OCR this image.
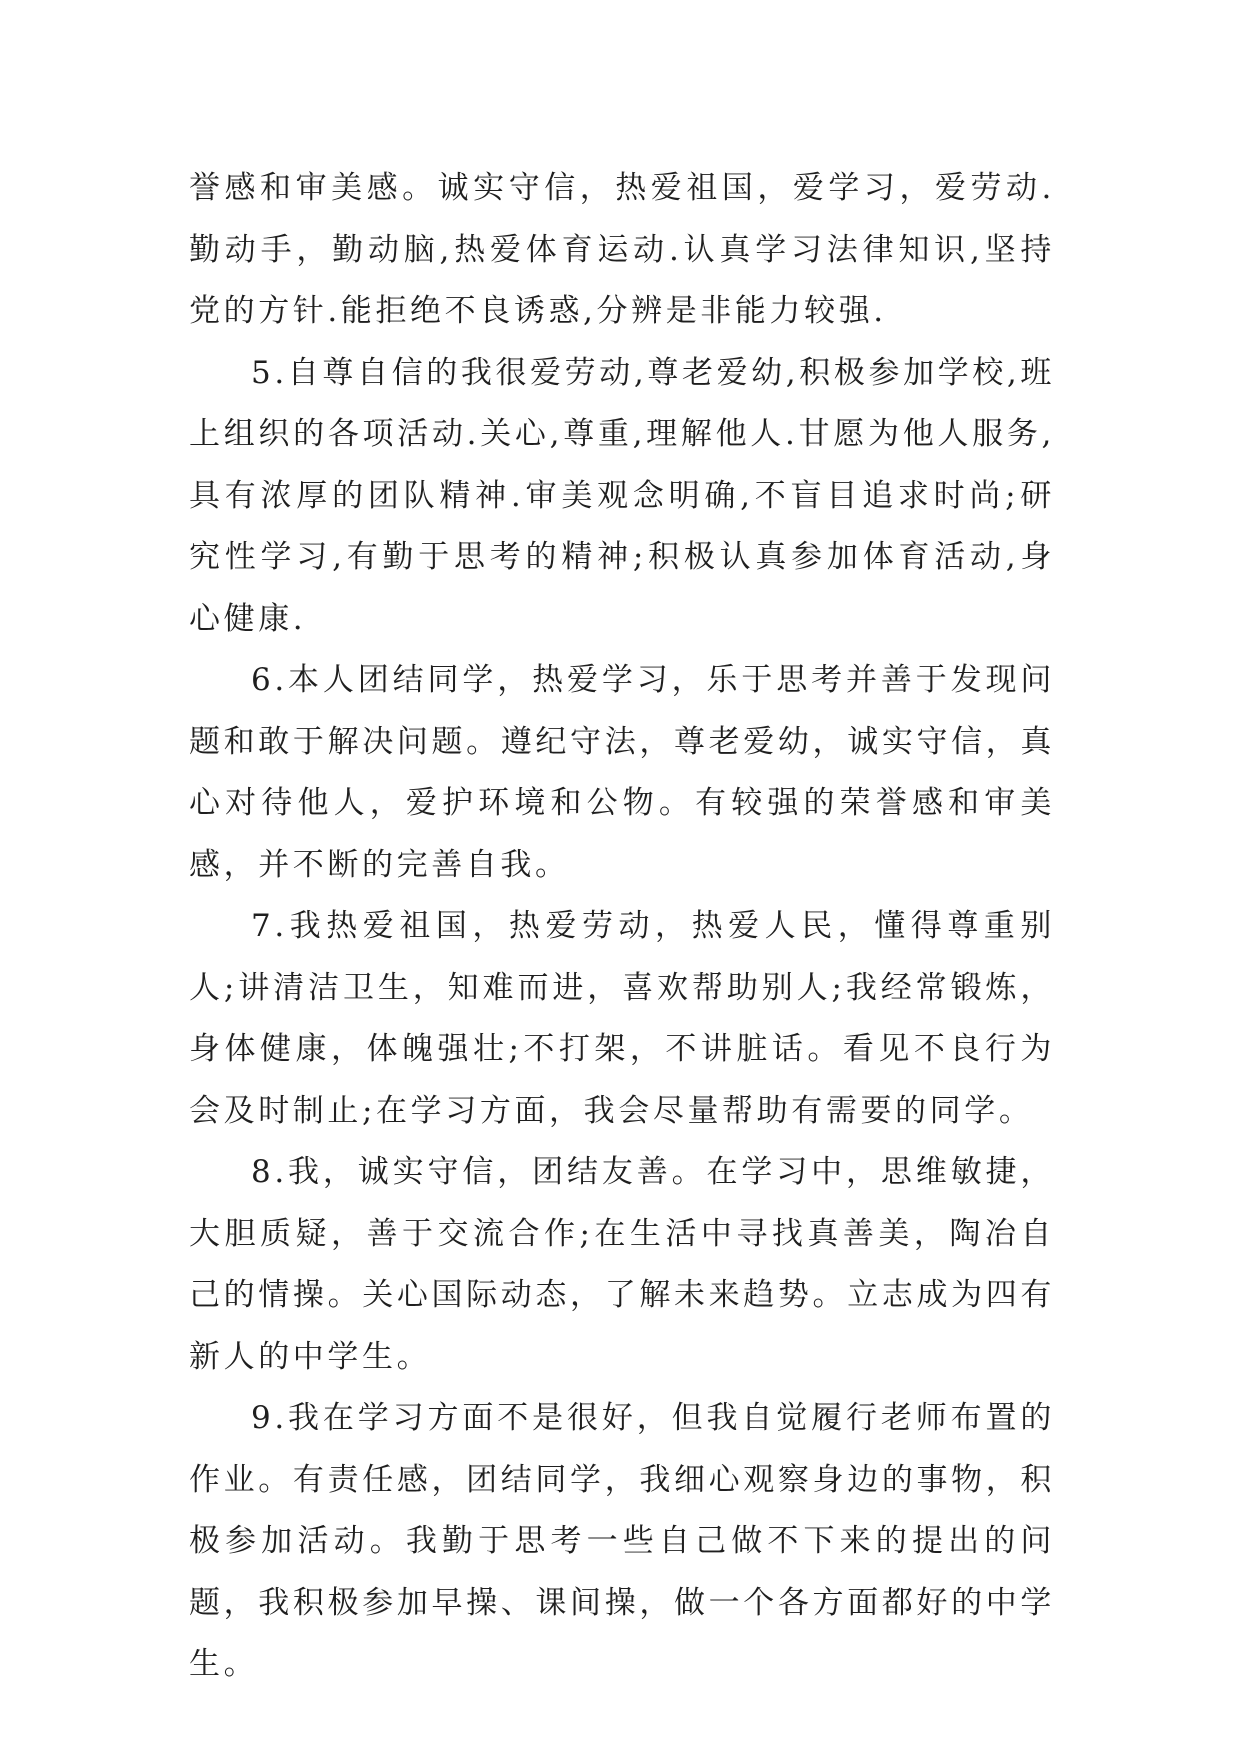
誉感和审美感。诚实守信，热爱祖国，爱学习，爱劳动.勤动手，勤动脑,热爱体育运动.认真学习法律知识,坚持党的方针.能拒绝不良诱惑,分辨是非能力较强.

5.自尊自信的我很爱劳动,尊老爱幼,积极参加学校,班上组织的各项活动.关心,尊重,理解他人.甘愿为他人服务,具有浓厚的团队精神.审美观念明确,不盲目追求时尚;研究性学习,有勤于思考的精神;积极认真参加体育活动,身心健康.

6.本人团结同学，热爱学习，乐于思考并善于发现问题和敢于解决问题。遵纪守法，尊老爱幼，诚实守信，真心对待他人，爱护环境和公物。有较强的荣誉感和审美感，并不断的完善自我。

7.我热爱祖国，热爱劳动，热爱人民，懂得尊重别人;讲清洁卫生，知难而进，喜欢帮助别人;我经常锻炼，身体健康，体魄强壮;不打架，不讲脏话。看见不良行为会及时制止;在学习方面，我会尽量帮助有需要的同学。

8.我，诚实守信，团结友善。在学习中，思维敏捷，大胆质疑，善于交流合作;在生活中寻找真善美，陶冶自己的情操。关心国际动态，了解未来趋势。立志成为四有新人的中学生。

9.我在学习方面不是很好，但我自觉履行老师布置的作业。有责任感，团结同学，我细心观察身边的事物，积极参加活动。我勤于思考一些自己做不下来的提出的问题，我积极参加早操、课间操，做一个各方面都好的中学生。
